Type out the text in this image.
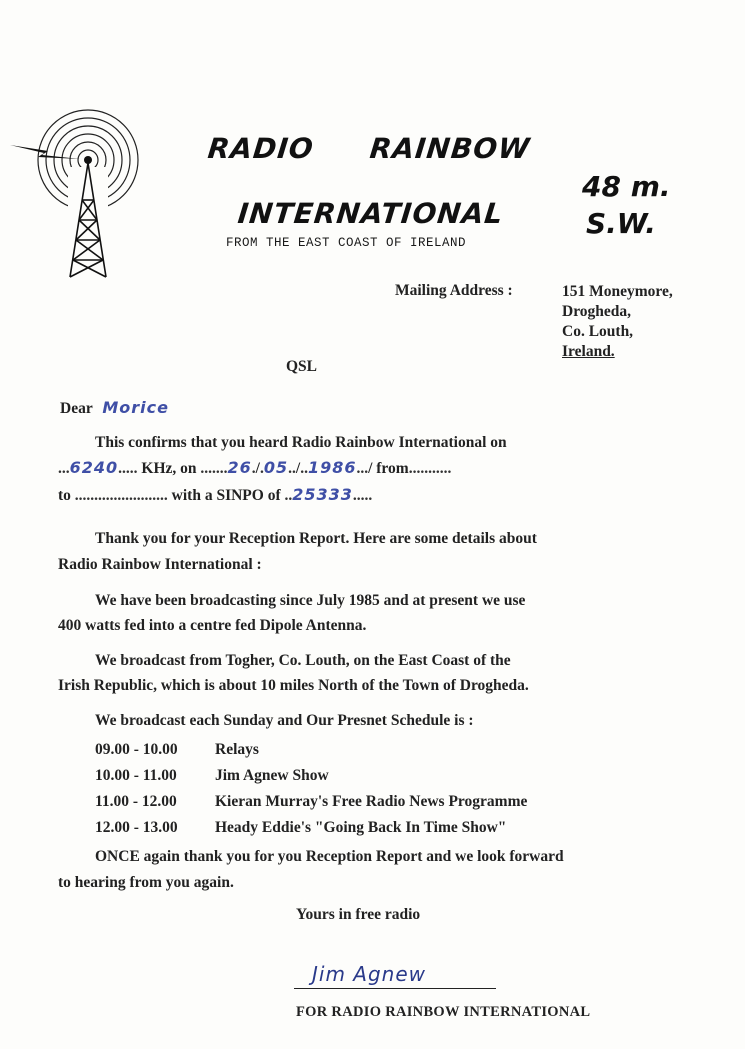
RADIO RAINBOW
INTERNATIONAL
FROM THE EAST COAST OF IRELAND
48 m.
S.W.
Mailing Address :	151 Moneymore,
Drogheda,
Co. Louth,
Ireland.
QSL
Dear Morice
This confirms that you heard Radio Rainbow International on
...6240..... KHz, on .......26./.05../..1986.../ from...........
to ........................ with a SINPO of ..25333.....
Thank you for your Reception Report. Here are some details about
Radio Rainbow International :
We have been broadcasting since July 1985 and at present we use
400 watts fed into a centre fed Dipole Antenna.
We broadcast from Togher, Co. Louth, on the East Coast of the
Irish Republic, which is about 10 miles North of the Town of Drogheda.
We broadcast each Sunday and Our Presnet Schedule is :
09.00 - 10.00 Relays
10.00 - 11.00 Jim Agnew Show
11.00 - 12.00 Kieran Murray's Free Radio News Programme
12.00 - 13.00 Heady Eddie's "Going Back In Time Show"
ONCE again thank you for you Reception Report and we look forward
to hearing from you again.
Yours in free radio
Jim Agnew
FOR RADIO RAINBOW INTERNATIONAL
